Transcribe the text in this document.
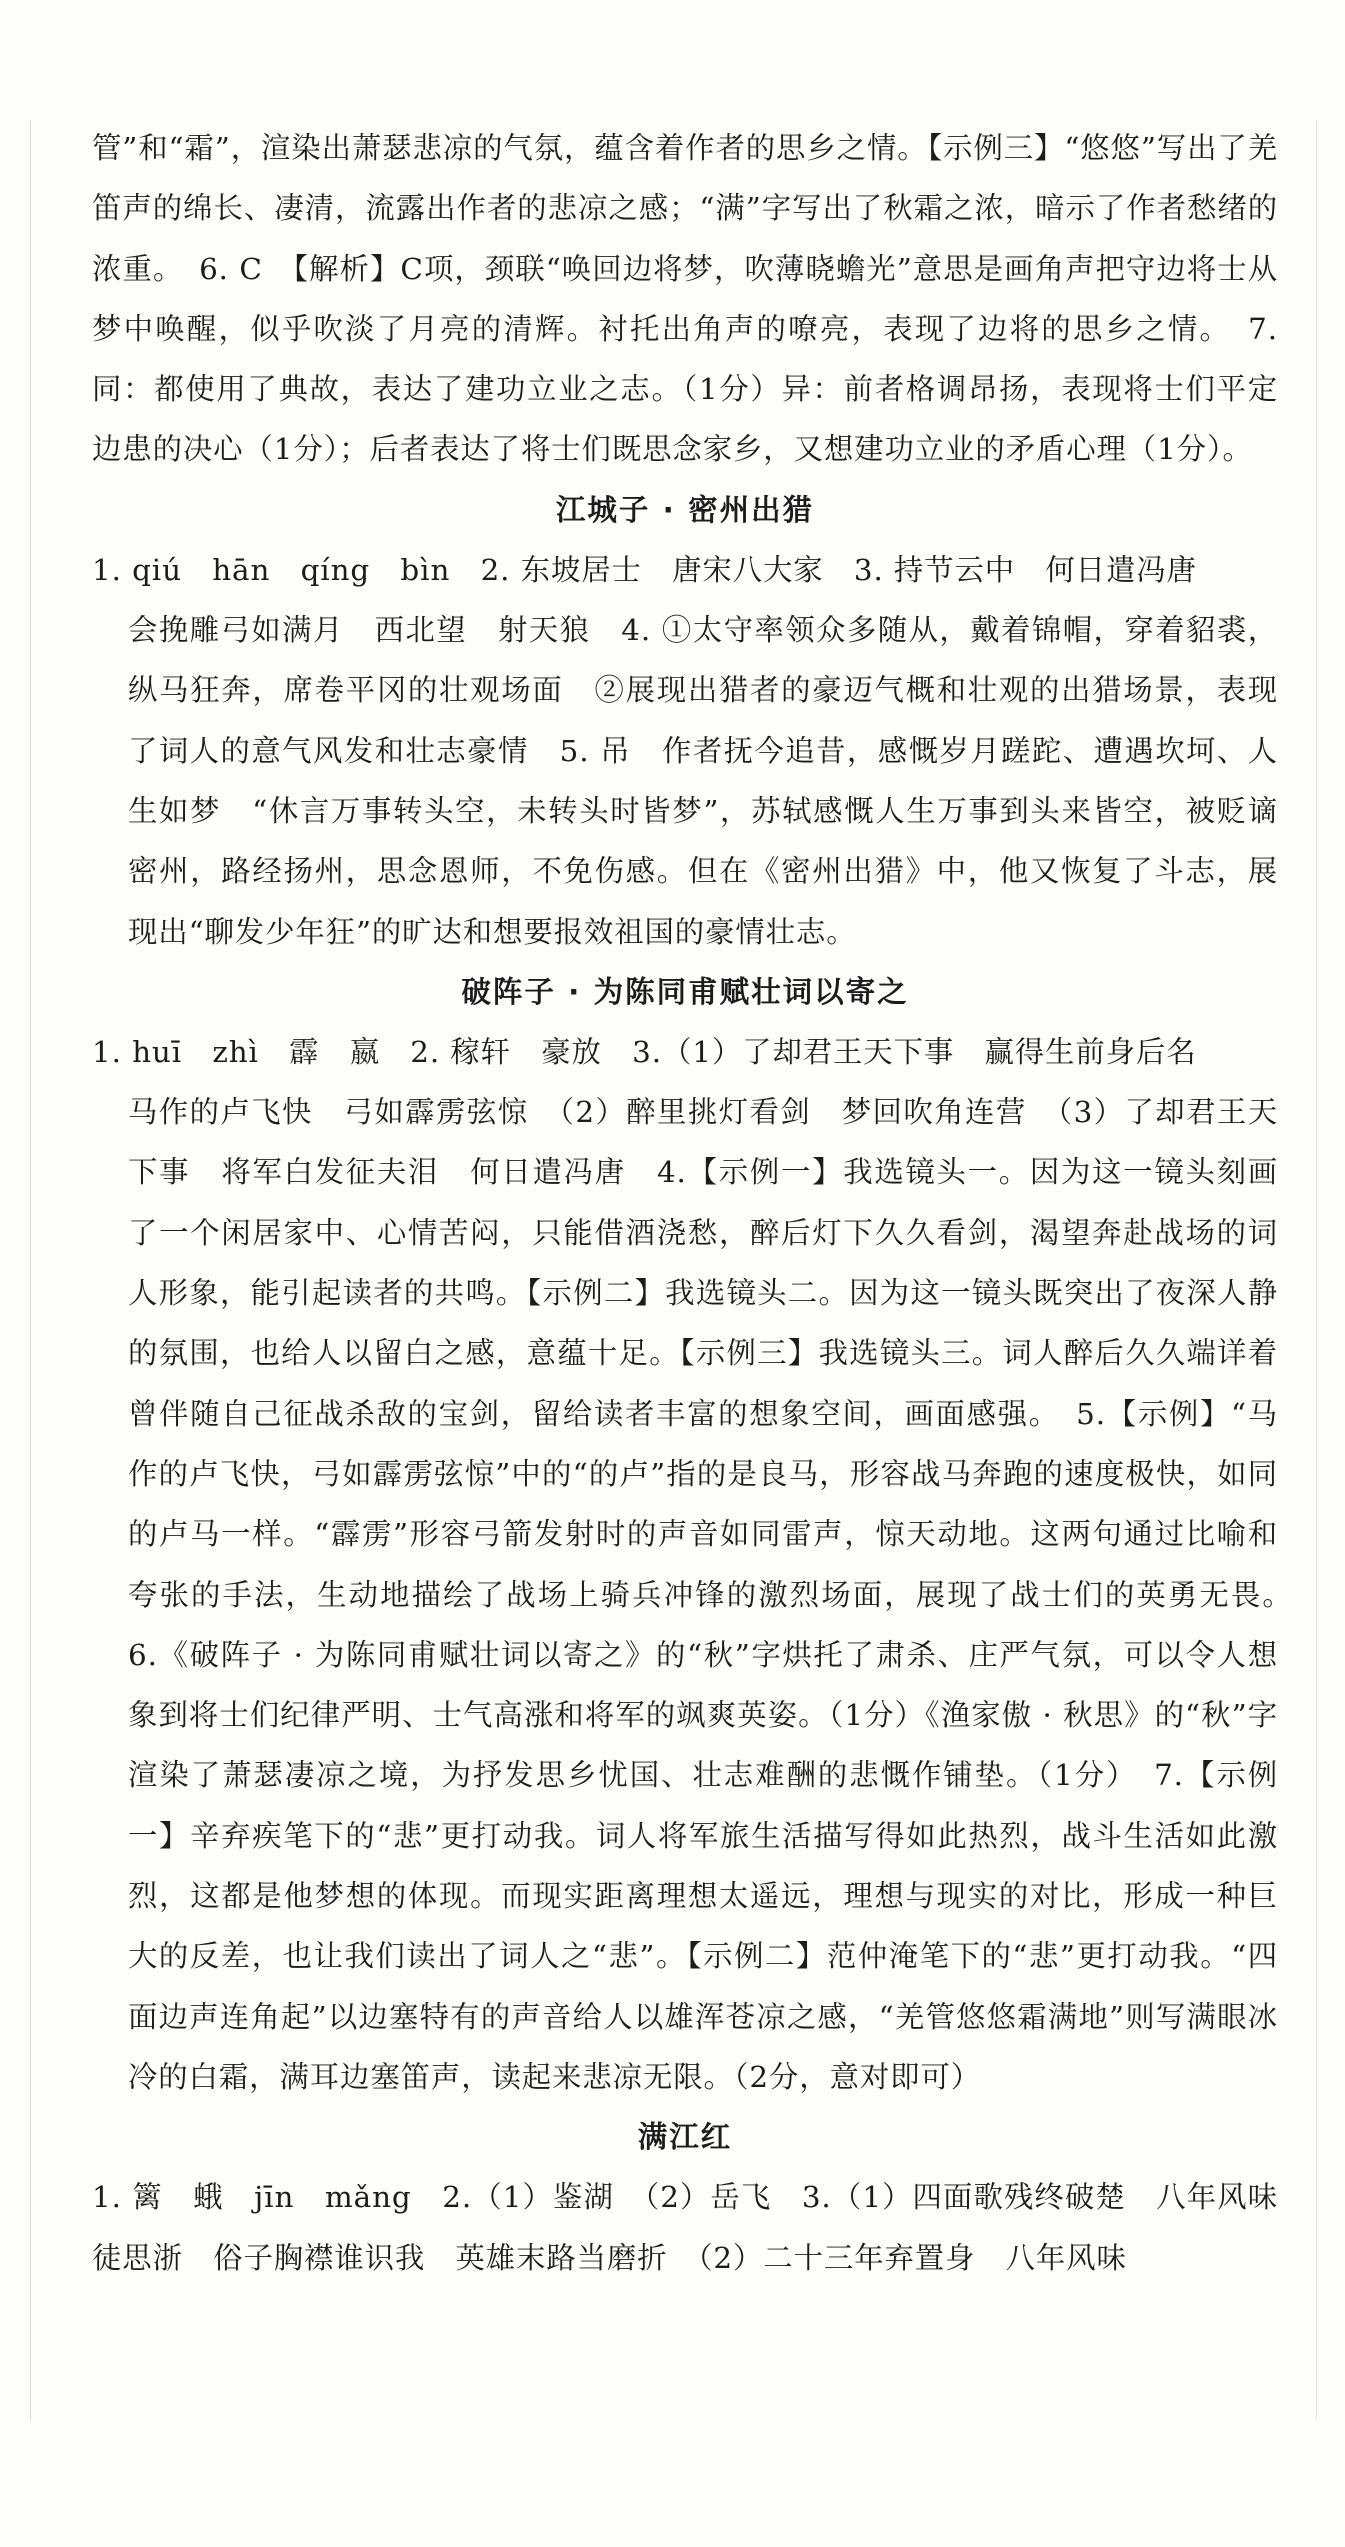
管”和“霜”，渲染出萧瑟悲凉的气氛，蕴含着作者的思乡之情。【示例三】“悠悠”写出了羌笛声的绵长、凄清，流露出作者的悲凉之感；“满”字写出了秋霜之浓，暗示了作者愁绪的浓重。　6. C　【解析】C项，颈联“唤回边将梦，吹薄晓蟾光”意思是画角声把守边将士从梦中唤醒，似乎吹淡了月亮的清辉。衬托出角声的嘹亮，表现了边将的思乡之情。　7. 同：都使用了典故，表达了建功立业之志。（1分）异：前者格调昂扬，表现将士们平定边患的决心（1分）；后者表达了将士们既思念家乡，又想建功立业的矛盾心理（1分）。

江城子 · 密州出猎

1. qiú　hān　qíng　bìn　2. 东坡居士　唐宋八大家　3. 持节云中　何日遣冯唐

会挽雕弓如满月　西北望　射天狼　4. ①太守率领众多随从，戴着锦帽，穿着貂裘，纵马狂奔，席卷平冈的壮观场面　②展现出猎者的豪迈气概和壮观的出猎场景，表现了词人的意气风发和壮志豪情　5. 吊　作者抚今追昔，感慨岁月蹉跎、遭遇坎坷、人生如梦　“休言万事转头空，未转头时皆梦”，苏轼感慨人生万事到头来皆空，被贬谪密州，路经扬州，思念恩师，不免伤感。但在《密州出猎》中，他又恢复了斗志，展现出“聊发少年狂”的旷达和想要报效祖国的豪情壮志。

破阵子 · 为陈同甫赋壮词以寄之

1. huī　zhì　霹　嬴　2. 稼轩　豪放　3.（1）了却君王天下事　赢得生前身后名

马作的卢飞快　弓如霹雳弦惊　（2）醉里挑灯看剑　梦回吹角连营　（3）了却君王天下事　将军白发征夫泪　何日遣冯唐　4.【示例一】我选镜头一。因为这一镜头刻画了一个闲居家中、心情苦闷，只能借酒浇愁，醉后灯下久久看剑，渴望奔赴战场的词人形象，能引起读者的共鸣。【示例二】我选镜头二。因为这一镜头既突出了夜深人静的氛围，也给人以留白之感，意蕴十足。【示例三】我选镜头三。词人醉后久久端详着曾伴随自己征战杀敌的宝剑，留给读者丰富的想象空间，画面感强。　5.【示例】“马作的卢飞快，弓如霹雳弦惊”中的“的卢”指的是良马，形容战马奔跑的速度极快，如同的卢马一样。“霹雳”形容弓箭发射时的声音如同雷声，惊天动地。这两句通过比喻和夸张的手法，生动地描绘了战场上骑兵冲锋的激烈场面，展现了战士们的英勇无畏。　6.《破阵子 · 为陈同甫赋壮词以寄之》的“秋”字烘托了肃杀、庄严气氛，可以令人想象到将士们纪律严明、士气高涨和将军的飒爽英姿。（1分）《渔家傲 · 秋思》的“秋”字渲染了萧瑟凄凉之境，为抒发思乡忧国、壮志难酬的悲慨作铺垫。（1分）　7.【示例一】辛弃疾笔下的“悲”更打动我。词人将军旅生活描写得如此热烈，战斗生活如此激烈，这都是他梦想的体现。而现实距离理想太遥远，理想与现实的对比，形成一种巨大的反差，也让我们读出了词人之“悲”。【示例二】范仲淹笔下的“悲”更打动我。“四面边声连角起”以边塞特有的声音给人以雄浑苍凉之感，“羌管悠悠霜满地”则写满眼冰冷的白霜，满耳边塞笛声，读起来悲凉无限。（2分，意对即可）

满江红

1. 篱　蛾　jīn　mǎng　2.（1）鉴湖　（2）岳飞　3.（1）四面歌残终破楚　八年风味徒思浙　俗子胸襟谁识我　英雄末路当磨折　（2）二十三年弃置身　八年风味
